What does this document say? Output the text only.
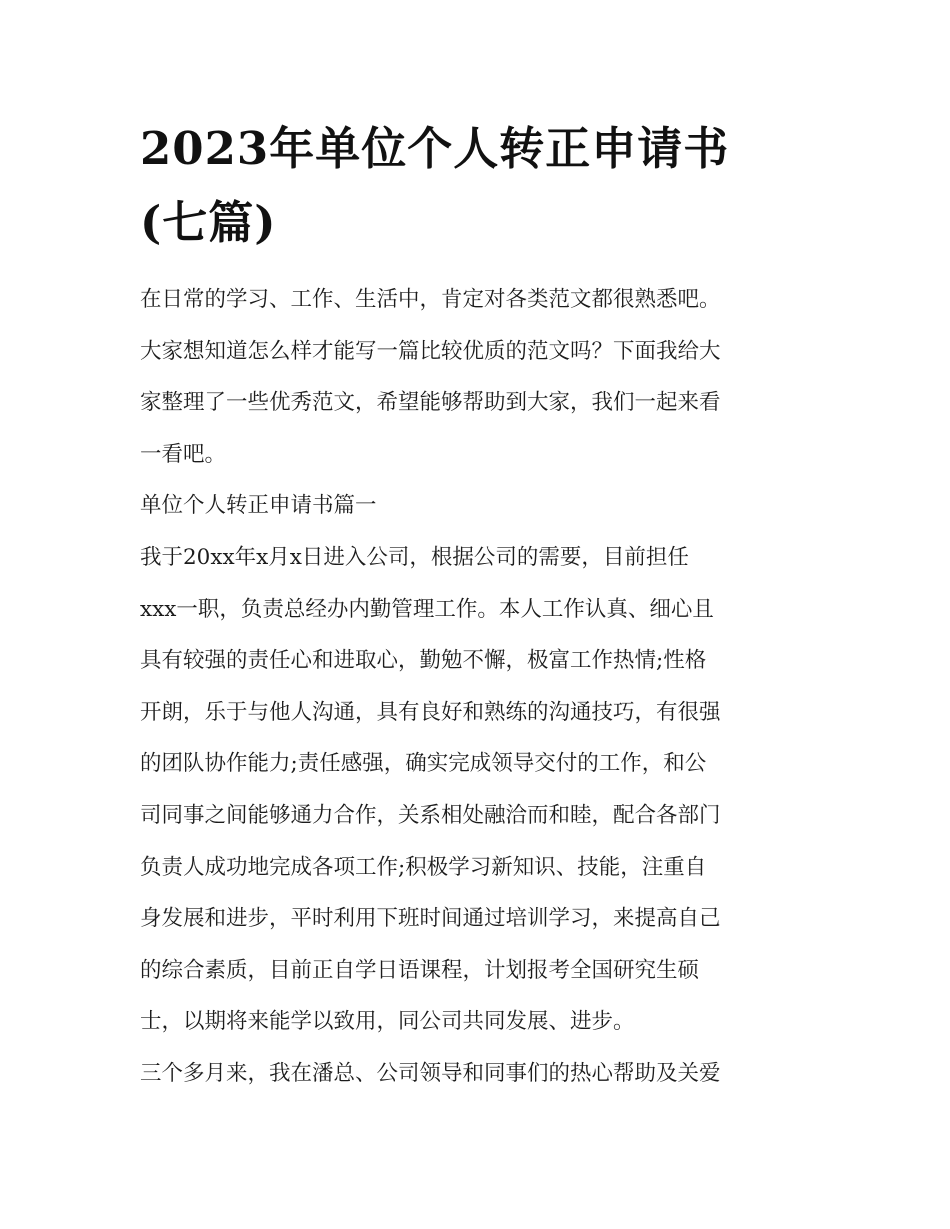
2023年单位个人转正申请书
(七篇)
在日常的学习、工作、生活中，肯定对各类范文都很熟悉吧。
大家想知道怎么样才能写一篇比较优质的范文吗？下面我给大
家整理了一些优秀范文，希望能够帮助到大家，我们一起来看
一看吧。
单位个人转正申请书篇一
我于20xx年x月x日进入公司，根据公司的需要，目前担任
xxx一职，负责总经办内勤管理工作。本人工作认真、细心且
具有较强的责任心和进取心，勤勉不懈，极富工作热情;性格
开朗，乐于与他人沟通，具有良好和熟练的沟通技巧，有很强
的团队协作能力;责任感强，确实完成领导交付的工作，和公
司同事之间能够通力合作，关系相处融洽而和睦，配合各部门
负责人成功地完成各项工作;积极学习新知识、技能，注重自
身发展和进步，平时利用下班时间通过培训学习，来提高自己
的综合素质，目前正自学日语课程，计划报考全国研究生硕
士，以期将来能学以致用，同公司共同发展、进步。
三个多月来，我在潘总、公司领导和同事们的热心帮助及关爱
